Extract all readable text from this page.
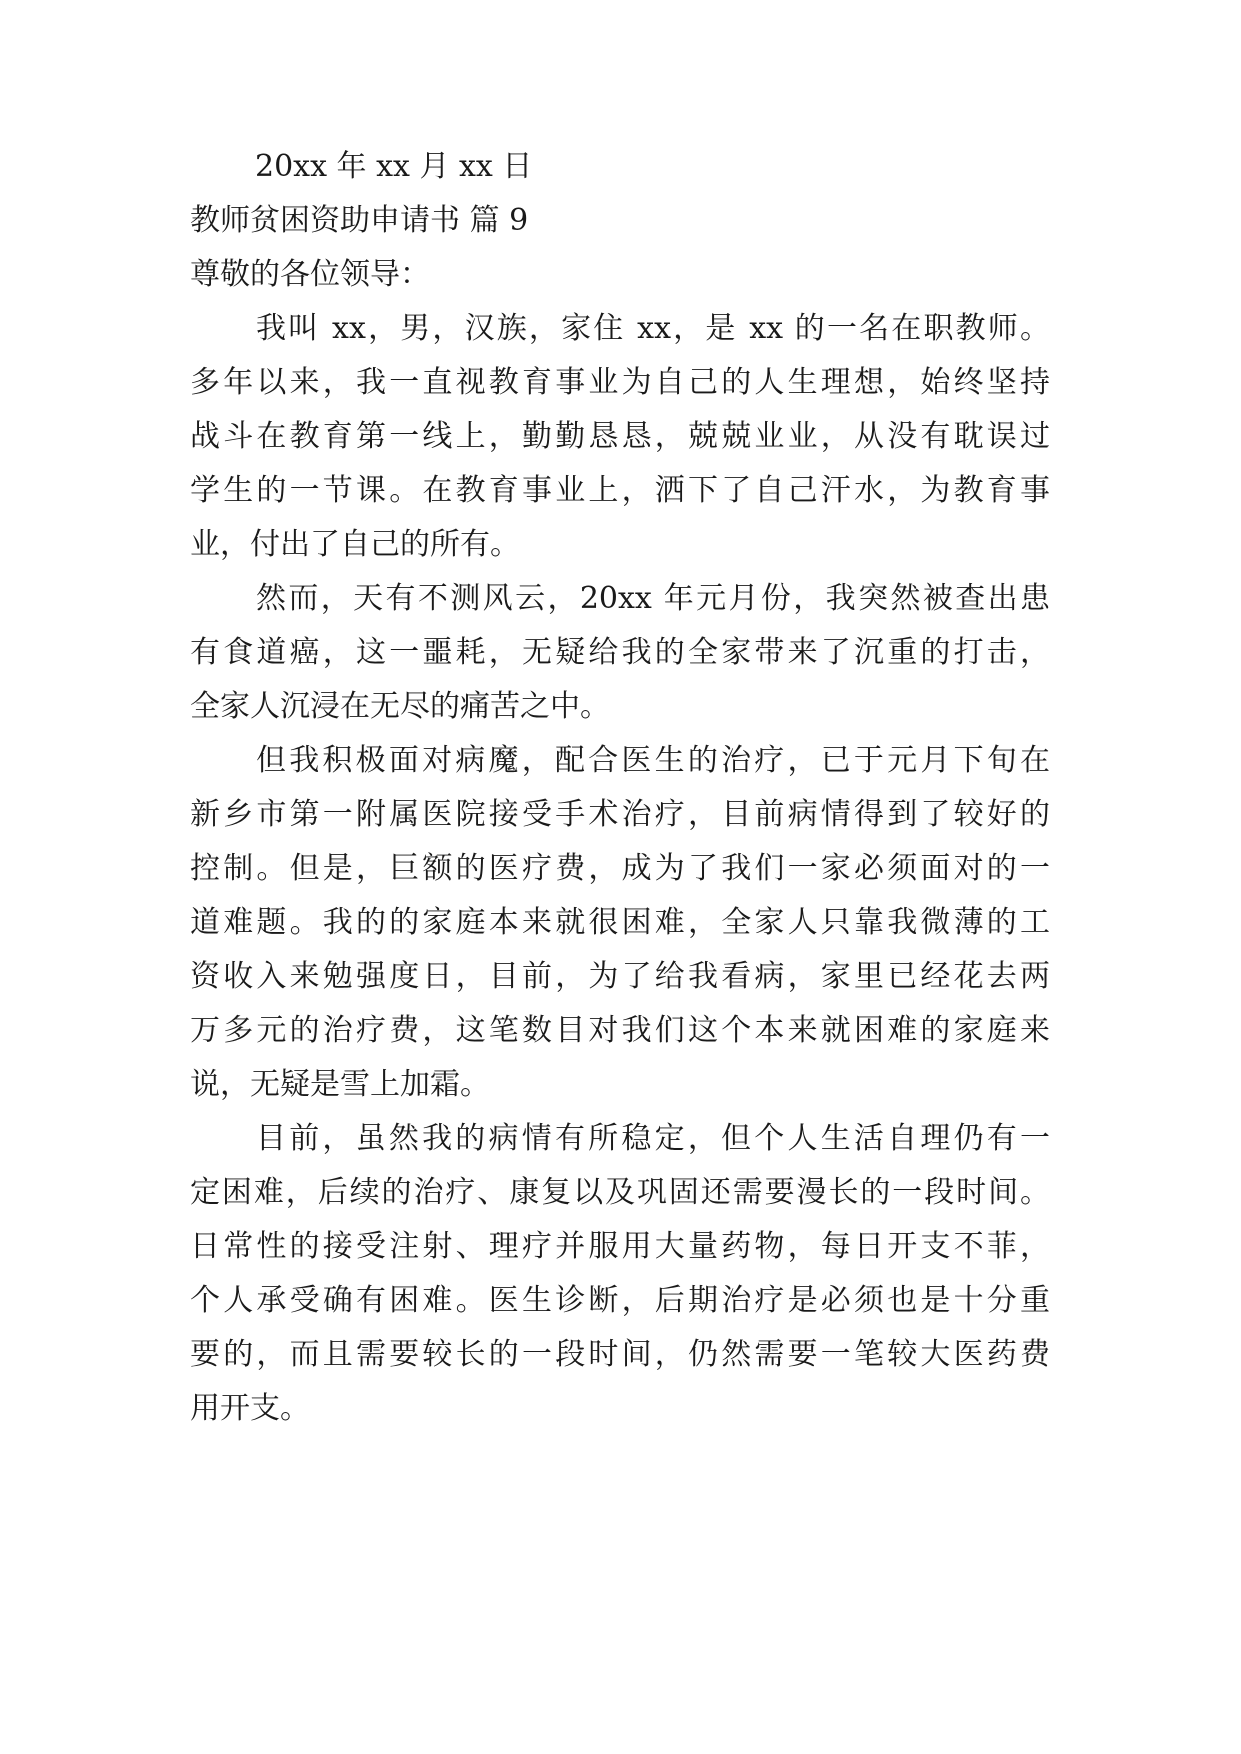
20xx 年 xx 月 xx 日
教师贫困资助申请书 篇 9
尊敬的各位领导：
我叫 xx，男，汉族，家住 xx，是 xx 的一名在职教师。
多年以来，我一直视教育事业为自己的人生理想，始终坚持
战斗在教育第一线上，勤勤恳恳，兢兢业业，从没有耽误过
学生的一节课。在教育事业上，洒下了自己汗水，为教育事
业，付出了自己的所有。
然而，天有不测风云，20xx 年元月份，我突然被查出患
有食道癌，这一噩耗，无疑给我的全家带来了沉重的打击，
全家人沉浸在无尽的痛苦之中。
但我积极面对病魔，配合医生的治疗，已于元月下旬在
新乡市第一附属医院接受手术治疗，目前病情得到了较好的
控制。但是，巨额的医疗费，成为了我们一家必须面对的一
道难题。我的的家庭本来就很困难，全家人只靠我微薄的工
资收入来勉强度日，目前，为了给我看病，家里已经花去两
万多元的治疗费，这笔数目对我们这个本来就困难的家庭来
说，无疑是雪上加霜。
目前，虽然我的病情有所稳定，但个人生活自理仍有一
定困难，后续的治疗、康复以及巩固还需要漫长的一段时间。
日常性的接受注射、理疗并服用大量药物，每日开支不菲，
个人承受确有困难。医生诊断，后期治疗是必须也是十分重
要的，而且需要较长的一段时间，仍然需要一笔较大医药费
用开支。
